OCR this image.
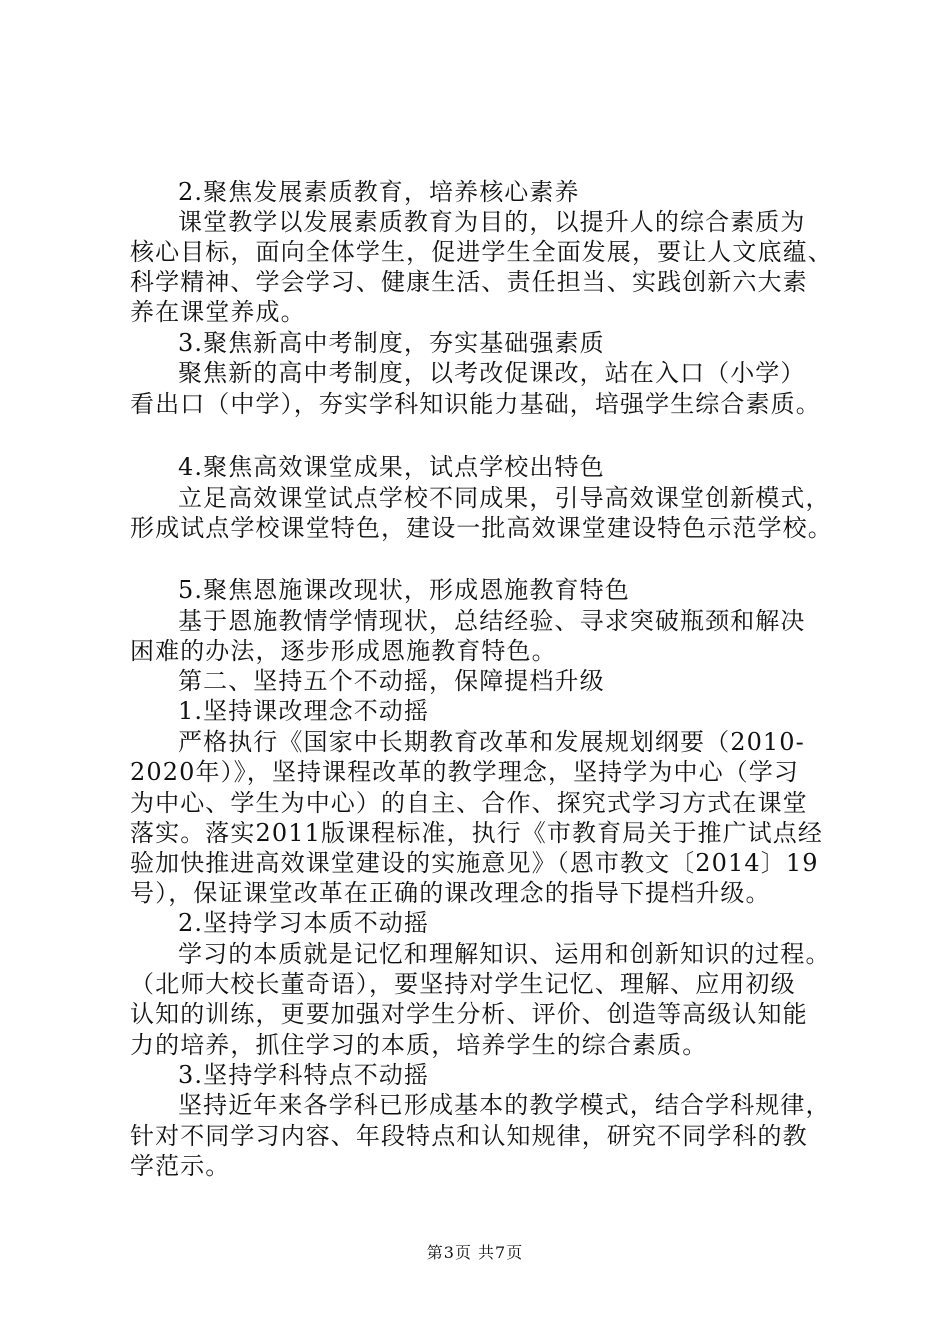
2.聚焦发展素质教育，培养核心素养
课堂教学以发展素质教育为目的，以提升人的综合素质为
核心目标，面向全体学生，促进学生全面发展，要让人文底蕴、
科学精神、学会学习、健康生活、责任担当、实践创新六大素
养在课堂养成。
3.聚焦新高中考制度，夯实基础强素质
聚焦新的高中考制度，以考改促课改，站在入口（小学）
看出口（中学），夯实学科知识能力基础，培强学生综合素质。
4.聚焦高效课堂成果，试点学校出特色
立足高效课堂试点学校不同成果，引导高效课堂创新模式，
形成试点学校课堂特色，建设一批高效课堂建设特色示范学校。
5.聚焦恩施课改现状，形成恩施教育特色
基于恩施教情学情现状，总结经验、寻求突破瓶颈和解决
困难的办法，逐步形成恩施教育特色。
第二、坚持五个不动摇，保障提档升级
1.坚持课改理念不动摇
严格执行《国家中长期教育改革和发展规划纲要（2010-
2020年）》，坚持课程改革的教学理念，坚持学为中心（学习
为中心、学生为中心）的自主、合作、探究式学习方式在课堂
落实。落实2011版课程标准，执行《市教育局关于推广试点经
验加快推进高效课堂建设的实施意见》（恩市教文〔2014〕19
号），保证课堂改革在正确的课改理念的指导下提档升级。
2.坚持学习本质不动摇
学习的本质就是记忆和理解知识、运用和创新知识的过程。
（北师大校长董奇语），要坚持对学生记忆、理解、应用初级
认知的训练，更要加强对学生分析、评价、创造等高级认知能
力的培养，抓住学习的本质，培养学生的综合素质。
3.坚持学科特点不动摇
坚持近年来各学科已形成基本的教学模式，结合学科规律，
针对不同学习内容、年段特点和认知规律，研究不同学科的教
学范示。
第3页 共7页
